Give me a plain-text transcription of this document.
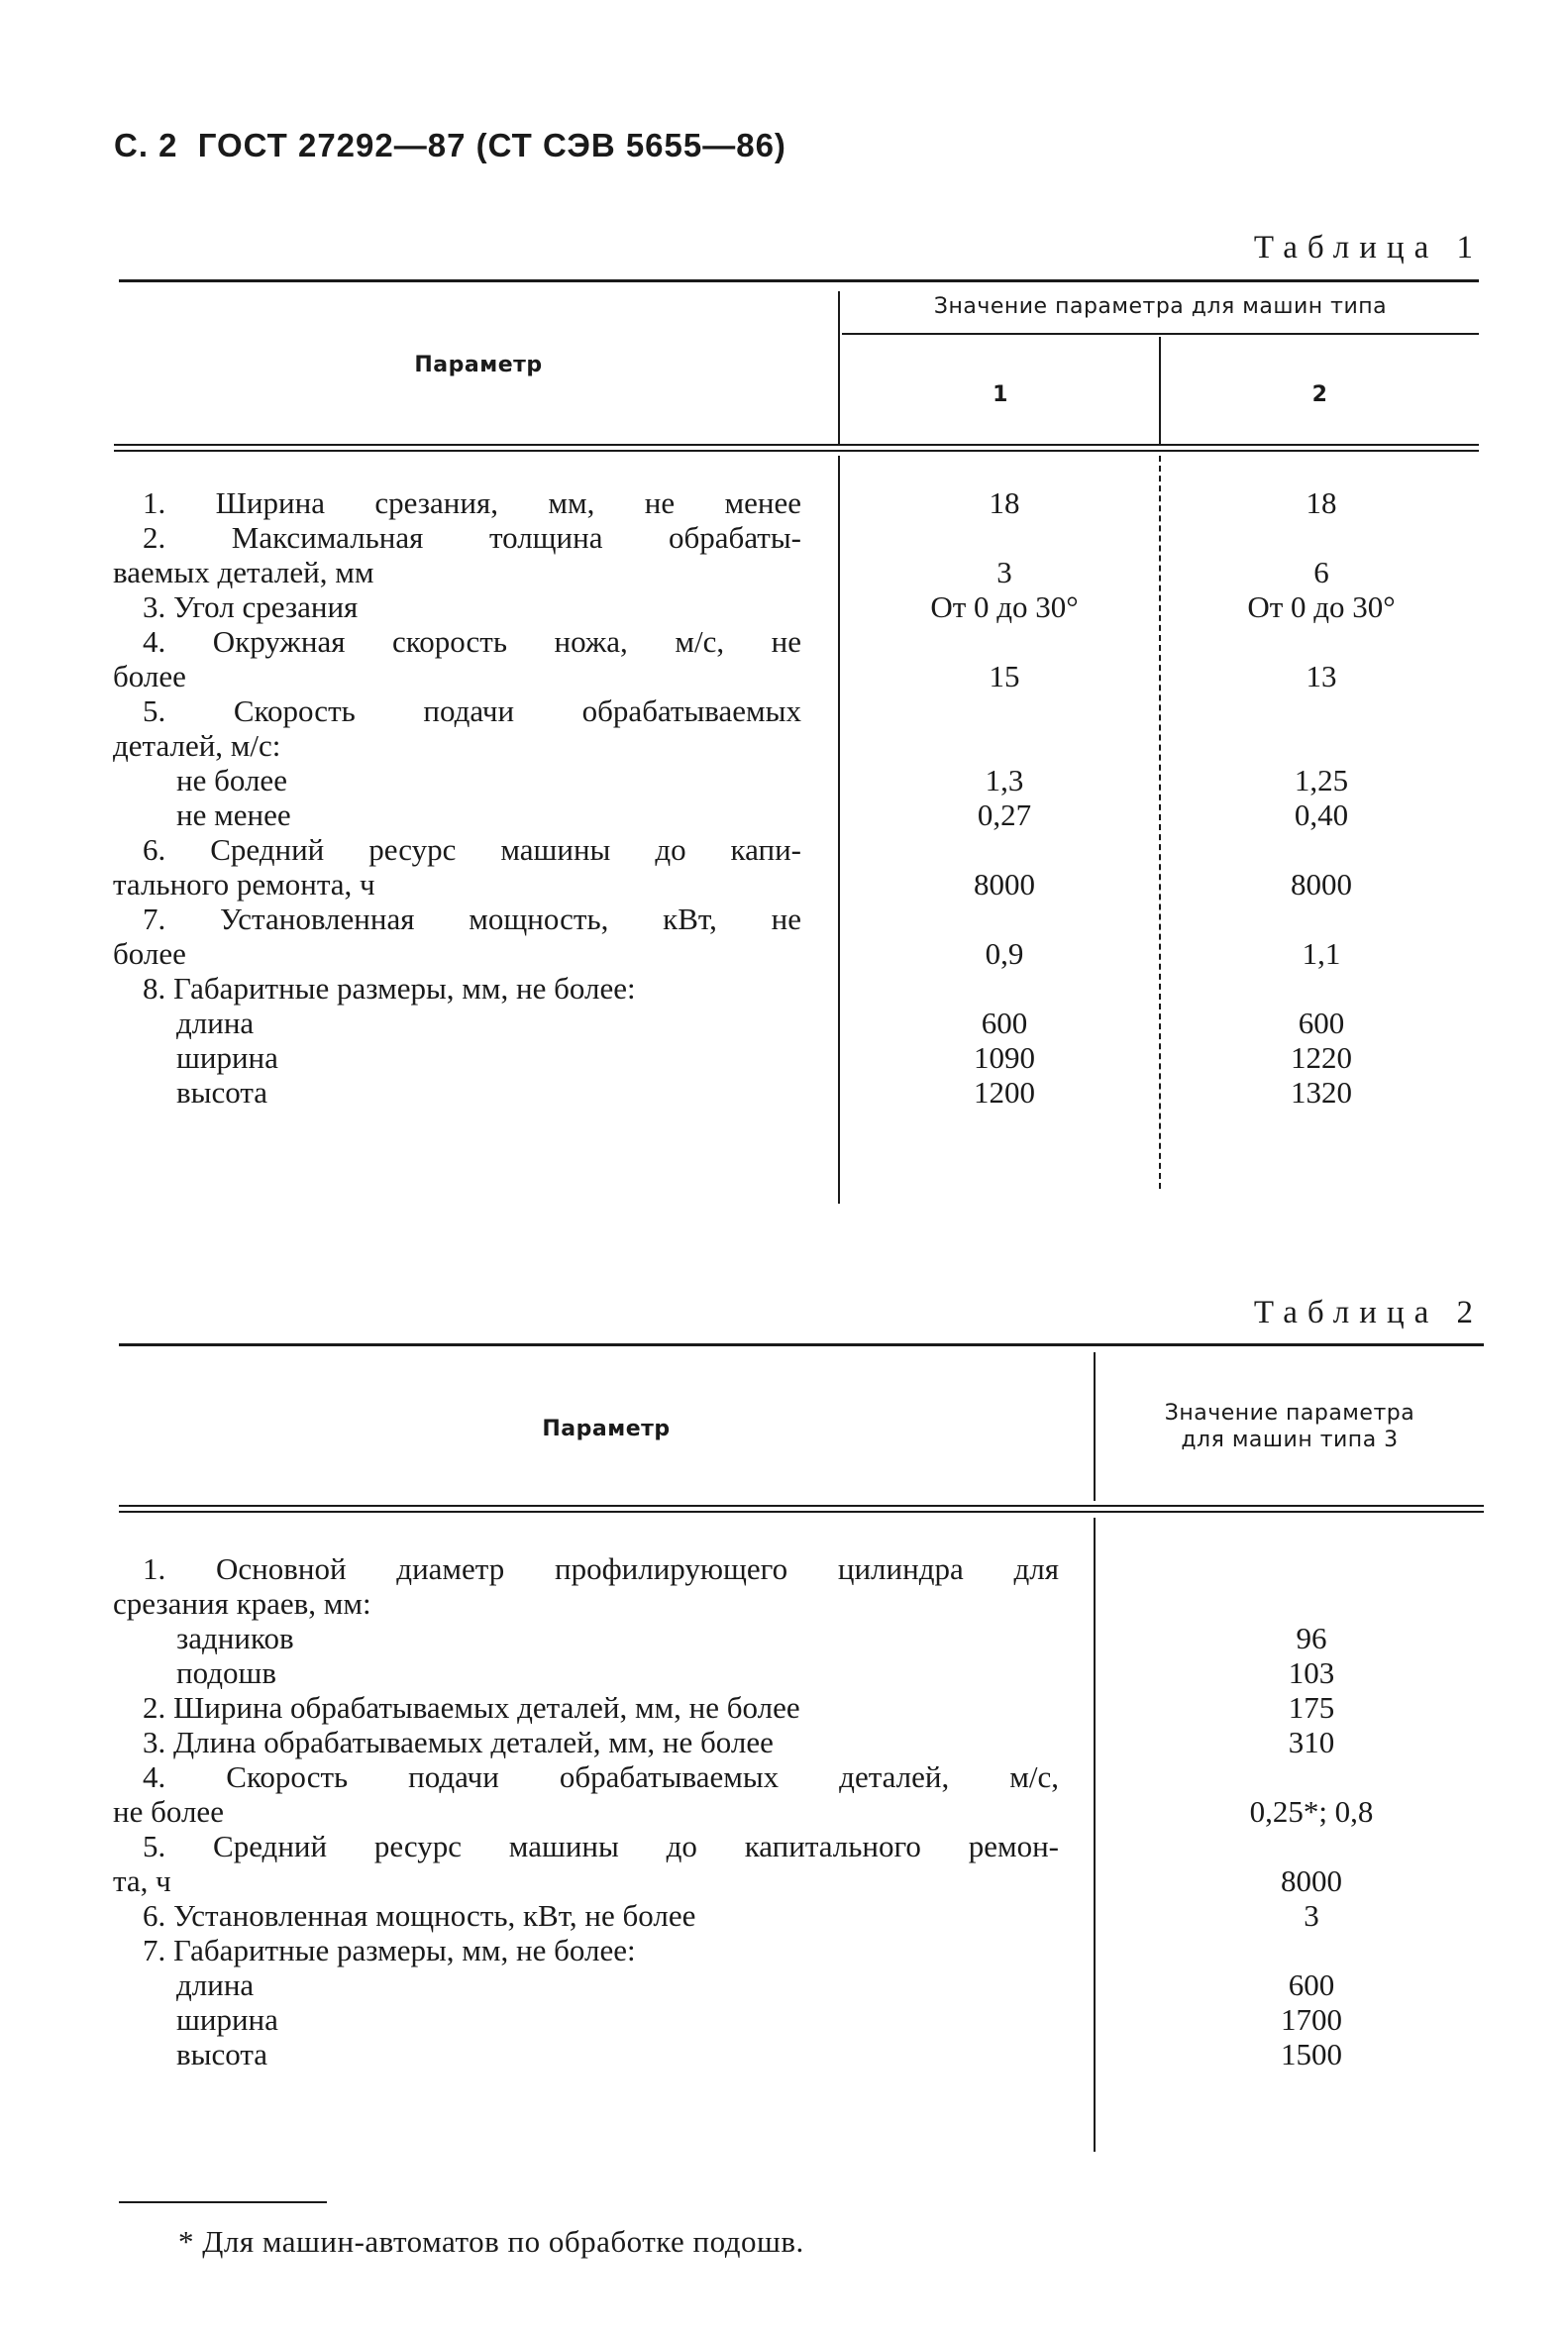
С. 2 ГОСТ 27292—87 (СТ СЭВ 5655—86)
Таблица 1
Параметр
Значение параметра для машин типа
1	2
1. Ширина срезания, мм, не менее	18	18
2. Максимальная толщина обрабаты-
ваемых деталей, мм	3	6
3. Угол срезания	От 0 до 30°	От 0 до 30°
4. Окружная скорость ножа, м/с, не
более	15	13
5. Скорость подачи обрабатываемых
деталей, м/с:
не более	1,3	1,25
не менее	0,27	0,40
6. Средний ресурс машины до капи-
тального ремонта, ч	8000	8000
7. Установленная мощность, кВт, не
более	0,9	1,1
8. Габаритные размеры, мм, не более:
длина	600	600
ширина	1090	1220
высота	1200	1320
Таблица 2
Параметр
Значение параметра
для машин типа 3
1. Основной диаметр профилирующего цилиндра для
срезания краев, мм:
задников	96
подошв	103
2. Ширина обрабатываемых деталей, мм, не более	175
3. Длина обрабатываемых деталей, мм, не более	310
4. Скорость подачи обрабатываемых деталей, м/с,
не более	0,25*; 0,8
5. Средний ресурс машины до капитального ремон-
та, ч	8000
6. Установленная мощность, кВт, не более	3
7. Габаритные размеры, мм, не более:
длина	600
ширина	1700
высота	1500
* Для машин-автоматов по обработке подошв.
